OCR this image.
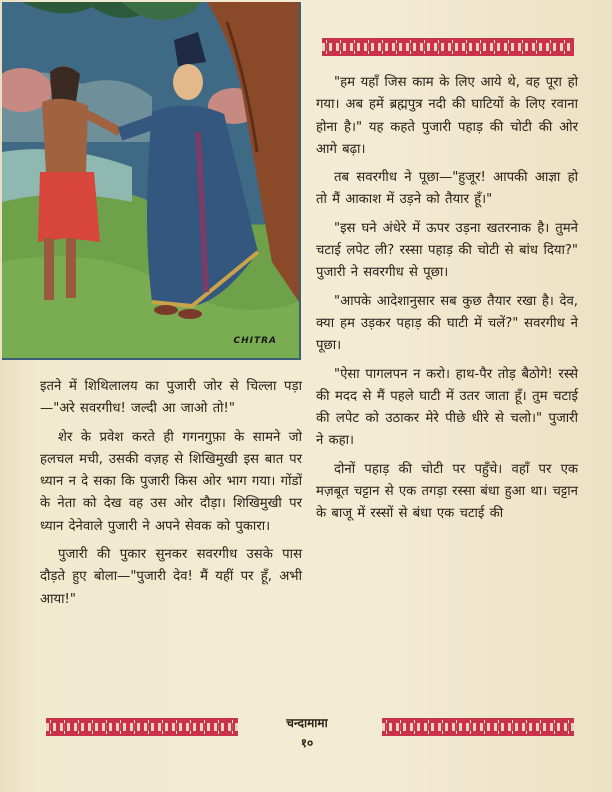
CHITRA

इतने में शिथिलालय का पुजारी जोर से चिल्ला पड़ा—"अरे सवरगीध! जल्दी आ जाओ तो!"

शेर के प्रवेश करते ही गगनगुफ़ा के सामने जो हलचल मची, उसकी वज़ह से शिखिमुखी इस बात पर ध्यान न दे सका कि पुजारी किस ओर भाग गया। गोंडों के नेता को देख वह उस ओर दौड़ा। शिखिमुखी पर ध्यान देनेवाले पुजारी ने अपने सेवक को पुकारा।

पुजारी की पुकार सुनकर सवरगीध उसके पास दौड़ते हुए बोला—"पुजारी देव! मैं यहीं पर हूँ, अभी आया!"

"हम यहाँ जिस काम के लिए आये थे, वह पूरा हो गया। अब हमें ब्रह्मपुत्र नदी की घाटियों के लिए रवाना होना है।" यह कहते पुजारी पहाड़ की चोटी की ओर आगे बढ़ा।

तब सवरगीध ने पूछा—"हुजूर! आपकी आज्ञा हो तो मैं आकाश में उड़ने को तैयार हूँ।"

"इस घने अंधेरे में ऊपर उड़ना खतरनाक है। तुमने चटाई लपेट ली? रस्सा पहाड़ की चोटी से बांध दिया?" पुजारी ने सवरगीध से पूछा।

"आपके आदेशानुसार सब कुछ तैयार रखा है। देव, क्या हम उड़कर पहाड़ की घाटी में चलें?" सवरगीध ने पूछा।

"ऐसा पागलपन न करो। हाथ-पैर तोड़ बैठोगे! रस्से की मदद से मैं पहले घाटी में उतर जाता हूँ। तुम चटाई की लपेट को उठाकर मेरे पीछे धीरे से चलो।" पुजारी ने कहा।

दोनों पहाड़ की चोटी पर पहुँचे। वहाँ पर एक मज़बूत चट्टान से एक तगड़ा रस्सा बंधा हुआ था। चट्टान के बाजू में रस्सों से बंधा एक चटाई की

चन्दामामा
१०
